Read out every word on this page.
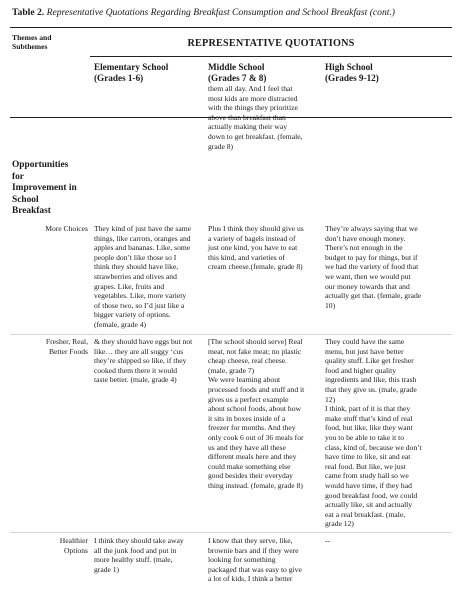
Table 2. Representative Quotations Regarding Breakfast Consumption and School Breakfast (cont.)
Themes and
Subthemes	REPRESENTATIVE QUOTATIONS
Elementary School
(Grades 1-6)
Middle School
(Grades 7 & 8)
High School
(Grades 9-12)
them all day. And I feel that
most kids are more distracted
with the things they prioritize
above than breakfast than
actually making their way
down to get breakfast. (female,
grade 8)
Opportunities
for
Improvement in
School
Breakfast
More Choices They kind of just have the same
things, like carrots, oranges and
apples and bananas. Like, some
people don’t like those so I
think they should have like,
strawberries and olives and
grapes. Like, fruits and
vegetables. Like, more variety
of those two, so I’d just like a
bigger variety of options.
(female, grade 4)
Plus I think they should give us
a variety of bagels instead of
just one kind, you have to eat
this kind, and varieties of
cream cheese.(female, grade 8)
They’re always saying that we
don’t have enough money.
There’s not enough in the
budget to pay for things, but if
we had the variety of food that
we want, then we would put
our money towards that and
actually get that. (female, grade
10)
Fresher, Real,
Better Foods
& they should have eggs but not
like… they are all soggy ‘cus
they’re shipped so like, if they
cooked them there it would
taste better. (male, grade 4)
[The school should serve] Real
meat, not fake meat; no plastic
cheap cheese, real cheese.
(male, grade 7)
We were learning about
processed foods and stuff and it
gives us a perfect example
about school foods, about how
it sits in boxes inside of a
freezer for months. And they
only cook 6 out of 36 meals for
us and they have all these
different meals here and they
could make something else
good besides their everyday
thing instead. (female, grade 8)
They could have the same
menu, but just have better
quality stuff. Like get fresher
food and higher quality
ingredients and like, this trash
that they give us. (male, grade
12)
I think, part of it is that they
make stuff that’s kind of real
food, but like, like they want
you to be able to take it to
class, kind of, because we don’t
have time to like, sit and eat
real food. But like, we just
came from study hall so we
would have time, if they had
good breakfast food, we could
actually like, sit and actually
eat a real breakfast. (male,
grade 12)
Healthier
Options
I think they should take away
all the junk food and put in
more healthy stuff. (male,
grade 1)
I know that they serve, like,
brownie bars and if they were
looking for something
packaged that was easy to give
a lot of kids, I think a better
--
